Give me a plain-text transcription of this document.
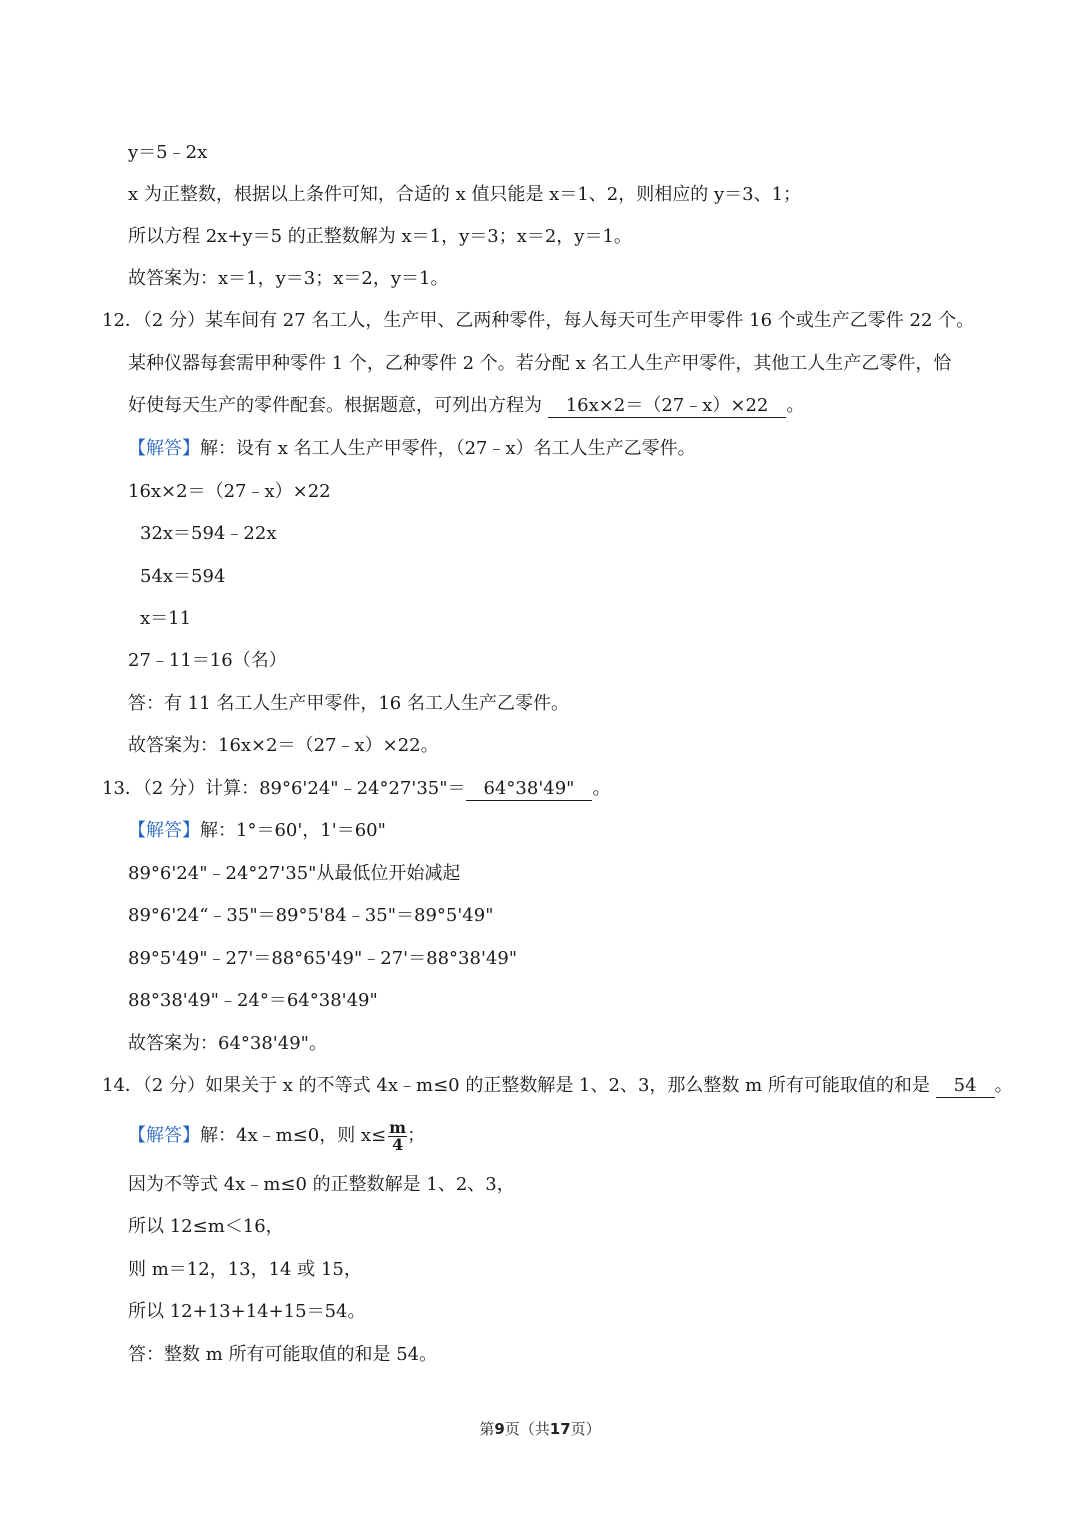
y＝5﹣2x
x 为正整数，根据以上条件可知，合适的 x 值只能是 x＝1、2，则相应的 y＝3、1；
所以方程 2x+y＝5 的正整数解为 x＝1，y＝3；x＝2，y＝1。
故答案为：x＝1，y＝3；x＝2，y＝1。
12．（2 分）某车间有 27 名工人，生产甲、乙两种零件，每人每天可生产甲零件 16 个或生产乙零件 22 个。
某种仪器每套需甲种零件 1 个，乙种零件 2 个。若分配 x 名工人生产甲零件，其他工人生产乙零件，恰
好使每天生产的零件配套。根据题意，可列出方程为 16x×2＝（27﹣x）×22 。
【解答】解：设有 x 名工人生产甲零件，（27﹣x）名工人生产乙零件。
16x×2＝（27﹣x）×22
32x＝594﹣22x
54x＝594
x＝11
27﹣11＝16（名）
答：有 11 名工人生产甲零件，16 名工人生产乙零件。
故答案为：16x×2＝（27﹣x）×22。
13．（2 分）计算：89°6'24"﹣24°27'35"＝ 64°38'49" 。
【解答】解：1°＝60'，1'＝60"
89°6'24"﹣24°27'35"从最低位开始减起
89°6'24“﹣35"＝89°5'84﹣35"＝89°5'49"
89°5'49"﹣27'＝88°65'49"﹣27'＝88°38'49"
88°38'49"﹣24°＝64°38'49"
故答案为：64°38'49"。
14．（2 分）如果关于 x 的不等式 4x﹣m≤0 的正整数解是 1、2、3，那么整数 m 所有可能取值的和是 54 。
【解答】解：4x﹣m≤0，则 $x\le \frac{m}{4}$ ；
因为不等式 4x﹣m≤0 的正整数解是 1、2、3，
所以 12≤m＜16，
则 m＝12，13，14 或 15，
所以 12+13+14+15＝54。
答：整数 m 所有可能取值的和是 54。
第9页（共17页）
